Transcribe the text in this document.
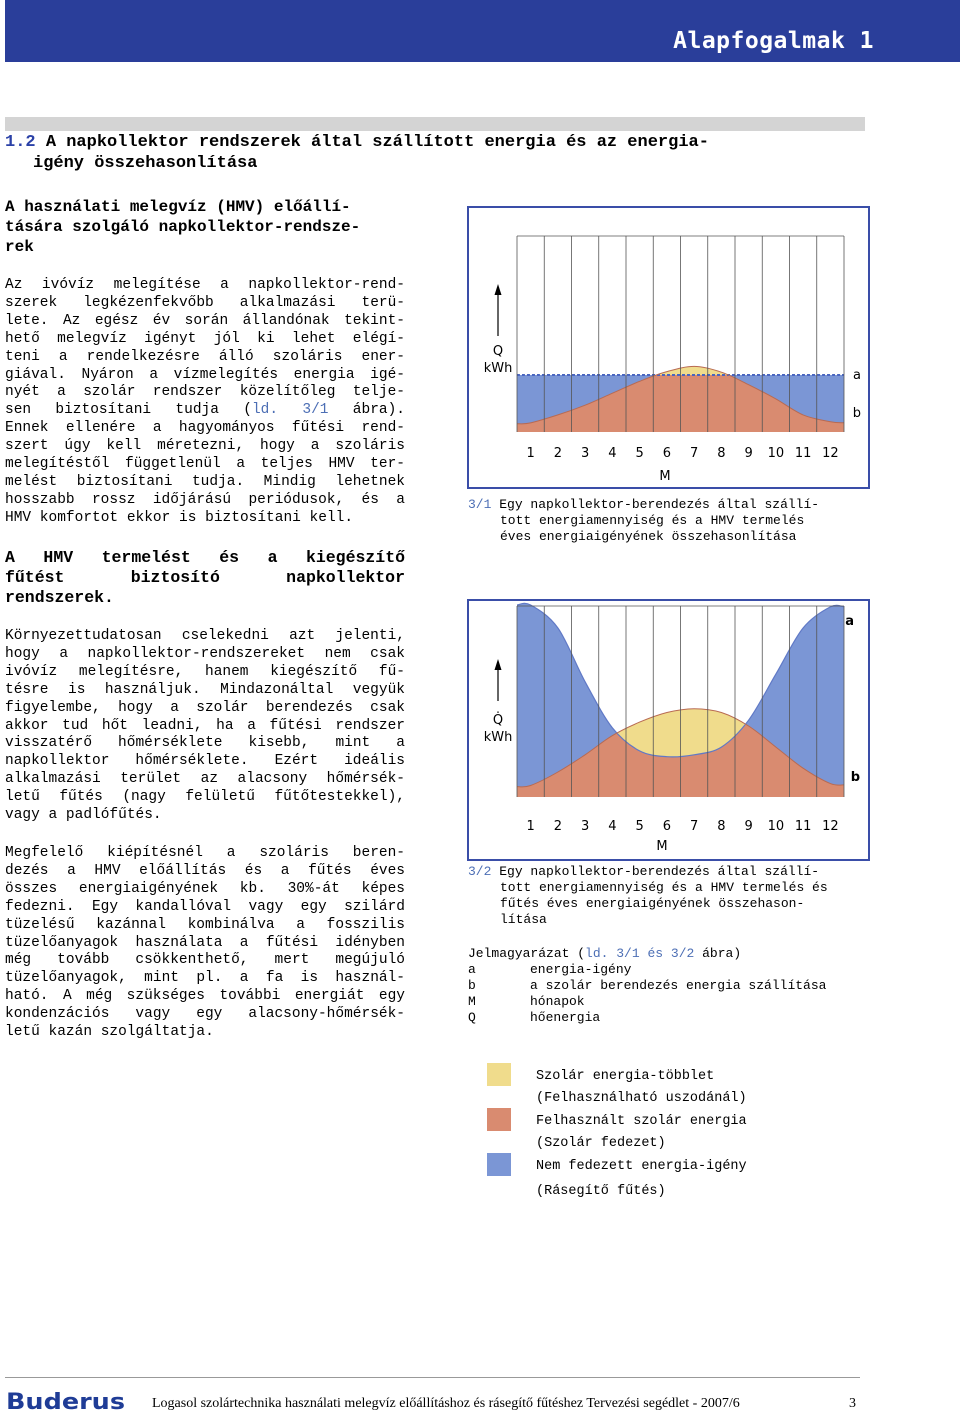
Alapfogalmak 1
1.2 A napkollektor rendszerek által szállított energia és az energia-
igény összehasonlítása
A használati melegvíz (HMV) előállí-
tására szolgáló napkollektor-rendsze-
rek
Az ivóvíz melegítése a napkollektor-rend-
szerek legkézenfekvőbb alkalmazási terü-
lete. Az egész év során állandónak tekint-
hető melegvíz igényt jól ki lehet elégí-
teni a rendelkezésre álló szoláris ener-
giával. Nyáron a vízmelegítés energia igé-
nyét a szolár rendszer közelítőleg telje-
sen biztosítani tudja (ld. 3/1 ábra).
Ennek ellenére a hagyományos fűtési rend-
szert úgy kell méretezni, hogy a szoláris
melegítéstől függetlenül a teljes HMV ter-
melést biztosítani tudja. Mindig lehetnek
hosszabb rossz időjárású periódusok, és a
HMV komfortot ekkor is biztosítani kell.
A HMV termelést és a kiegészítő
fűtést biztosító napkollektor
rendszerek.
Környezettudatosan cselekedni azt jelenti,
hogy a napkollektor-rendszereket nem csak
ivóvíz melegítésre, hanem kiegészítő fű-
tésre is használjuk. Mindazonáltal vegyük
figyelembe, hogy a szolár berendezés csak
akkor tud hőt leadni, ha a fűtési rendszer
visszatérő hőmérséklete kisebb, mint a
napkollektor hőmérséklete. Ezért ideális
alkalmazási terület az alacsony hőmérsék-
letű fűtés (nagy felületű fűtőtestekkel),
vagy a padlófűtés.
Megfelelő kiépítésnél a szoláris beren-
dezés a HMV előállítás és a fűtés éves
összes energiaigényének kb. 30%-át képes
fedezni. Egy kandallóval vagy egy szilárd
tüzelésű kazánnal kombinálva a fosszilis
tüzelőanyagok használata a fűtési idényben
még tovább csökkenthető, mert megújuló
tüzelőanyagok, mint pl. a fa is használ-
ható. A még szükséges további energiát egy
kondenzációs vagy egy alacsony-hőmérsék-
letű kazán szolgáltatja.
1 2 3 4 5 6 7 8 9 10 11 12
Q
kWh
M
a
b
3/1 Egy napkollektor-berendezés által szállí-
tott energiamennyiség és a HMV termelés
éves energiaigényének összehasonlítása
1 2 3 4 5 6 7 8 9 10 11 12
Q̇
kWh
M
a
b
3/2 Egy napkollektor-berendezés által szállí-
tott energiamennyiség és a HMV termelés és
fűtés éves energiaigényének összehason-
lítása
Jelmagyarázat (ld. 3/1 és 3/2 ábra)
a	energia-igény
b	a szolár berendezés energia szállítása
M	hónapok
Q	hőenergia
Szolár energia-többlet
(Felhasználható uszodánál)
Felhasznált szolár energia
(Szolár fedezet)
Nem fedezett energia-igény
(Rásegítő fűtés)
Buderus Logasol szolártechnika használati melegvíz előállításhoz és rásegítő fűtéshez Tervezési segédlet - 2007/6	3
